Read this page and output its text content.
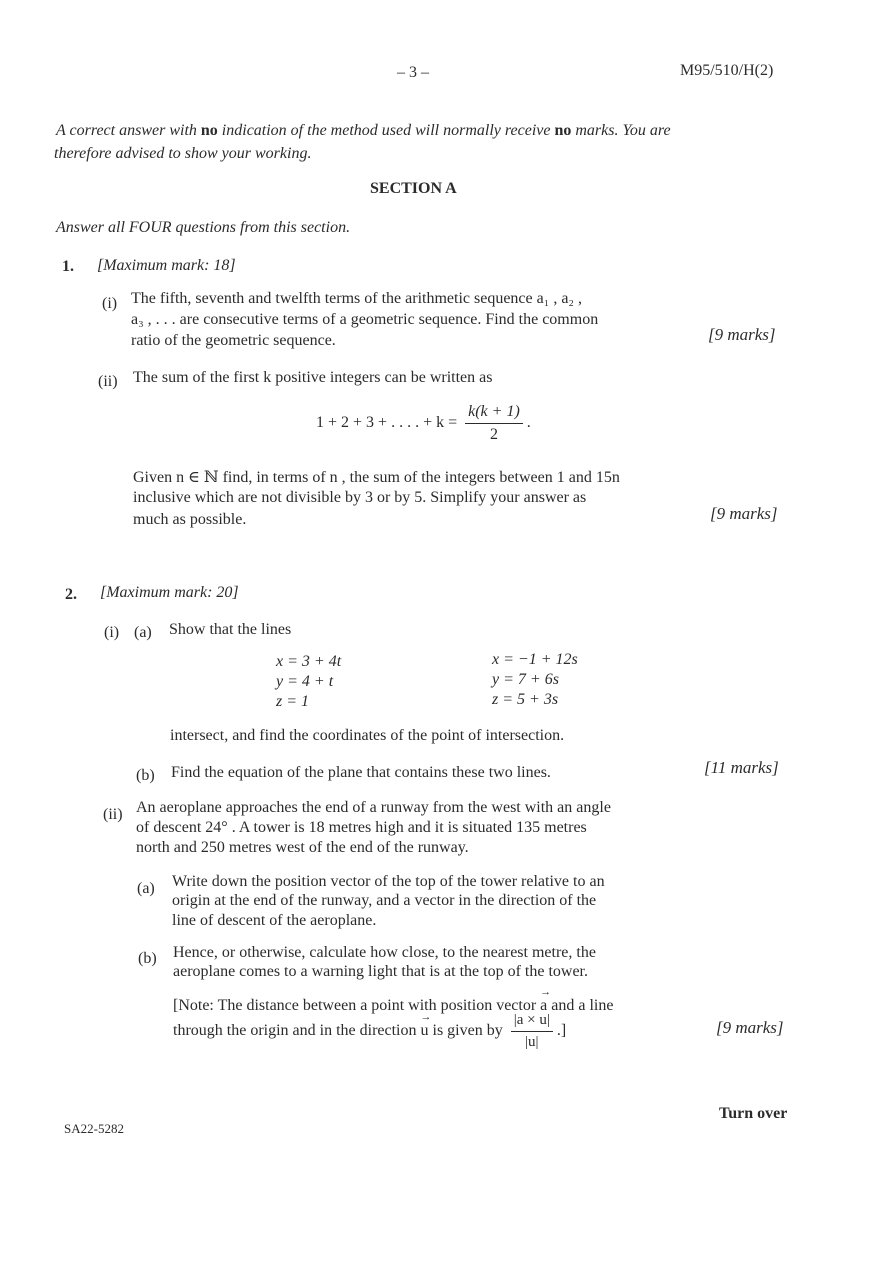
– 3 –	M95/510/H(2)
A correct answer with no indication of the method used will normally receive no marks. You are
therefore advised to show your working.
SECTION A
Answer all FOUR questions from this section.
1. [Maximum mark: 18]
(i) The fifth, seventh and twelfth terms of the arithmetic sequence a₁ , a₂ ,
a₃ , . . . are consecutive terms of a geometric sequence. Find the common
ratio of the geometric sequence.	[9 marks]
(ii) The sum of the first k positive integers can be written as
1 + 2 + 3 + . . . . + $k = \frac{k(k + 1)}{2}$ .
Given n ∈ ℕ find, in terms of n , the sum of the integers between 1 and 15n
inclusive which are not divisible by 3 or by 5. Simplify your answer as
much as possible.	[9 marks]
2. [Maximum mark: 20]
(i) (a) Show that the lines
x = 3 + 4t
y = 4 + t
z = 1
x = −1 + 12s
y = 7 + 6s
z = 5 + 3s
intersect, and find the coordinates of the point of intersection.
(b) Find the equation of the plane that contains these two lines.	[11 marks]
(ii) An aeroplane approaches the end of a runway from the west with an angle
of descent 24° . A tower is 18 metres high and it is situated 135 metres
north and 250 metres west of the end of the runway.
(a) Write down the position vector of the top of the tower relative to an
origin at the end of the runway, and a vector in the direction of the
line of descent of the aeroplane.
(b) Hence, or otherwise, calculate how close, to the nearest metre, the
aeroplane comes to a warning light that is at the top of the tower.
[Note: The distance between a point with position vector → a and a line
through the origin and in the direction → u is given by $\frac{|a \times u|}{|u|}$ .]	[9 marks]
SA22-5282
Turn over
